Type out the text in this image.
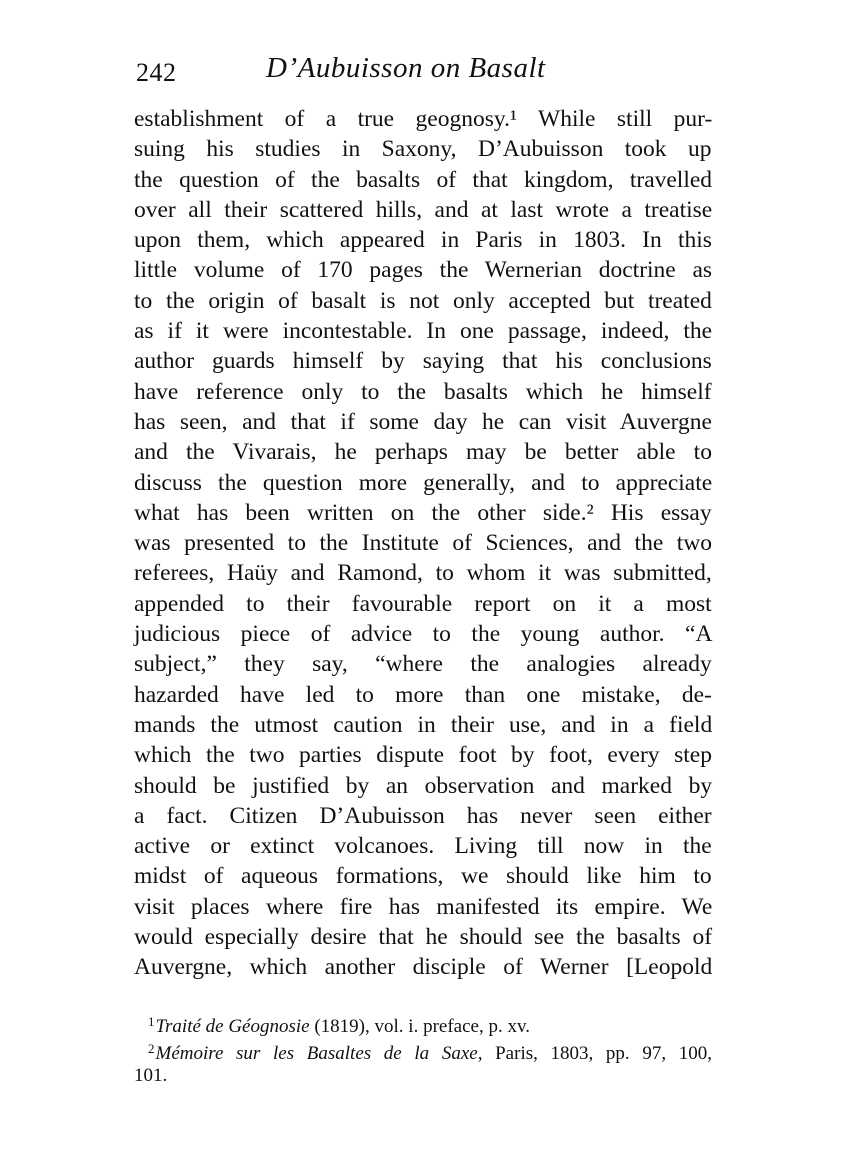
242	D’Aubuisson on Basalt
establishment of a true geognosy.¹ While still pur-
suing his studies in Saxony, D’Aubuisson took up
the question of the basalts of that kingdom, travelled
over all their scattered hills, and at last wrote a treatise
upon them, which appeared in Paris in 1803. In this
little volume of 170 pages the Wernerian doctrine as
to the origin of basalt is not only accepted but treated
as if it were incontestable. In one passage, indeed, the
author guards himself by saying that his conclusions
have reference only to the basalts which he himself
has seen, and that if some day he can visit Auvergne
and the Vivarais, he perhaps may be better able to
discuss the question more generally, and to appreciate
what has been written on the other side.² His essay
was presented to the Institute of Sciences, and the two
referees, Haüy and Ramond, to whom it was submitted,
appended to their favourable report on it a most
judicious piece of advice to the young author. “A
subject,” they say, “where the analogies already
hazarded have led to more than one mistake, de-
mands the utmost caution in their use, and in a field
which the two parties dispute foot by foot, every step
should be justified by an observation and marked by
a fact. Citizen D’Aubuisson has never seen either
active or extinct volcanoes. Living till now in the
midst of aqueous formations, we should like him to
visit places where fire has manifested its empire. We
would especially desire that he should see the basalts of
Auvergne, which another disciple of Werner [Leopold
$^1$Traité de Géognosie (1819), vol. i. preface, p. xv.
$^2$Mémoire sur les Basaltes de la Saxe, Paris, 1803, pp. 97, 100,
101.
